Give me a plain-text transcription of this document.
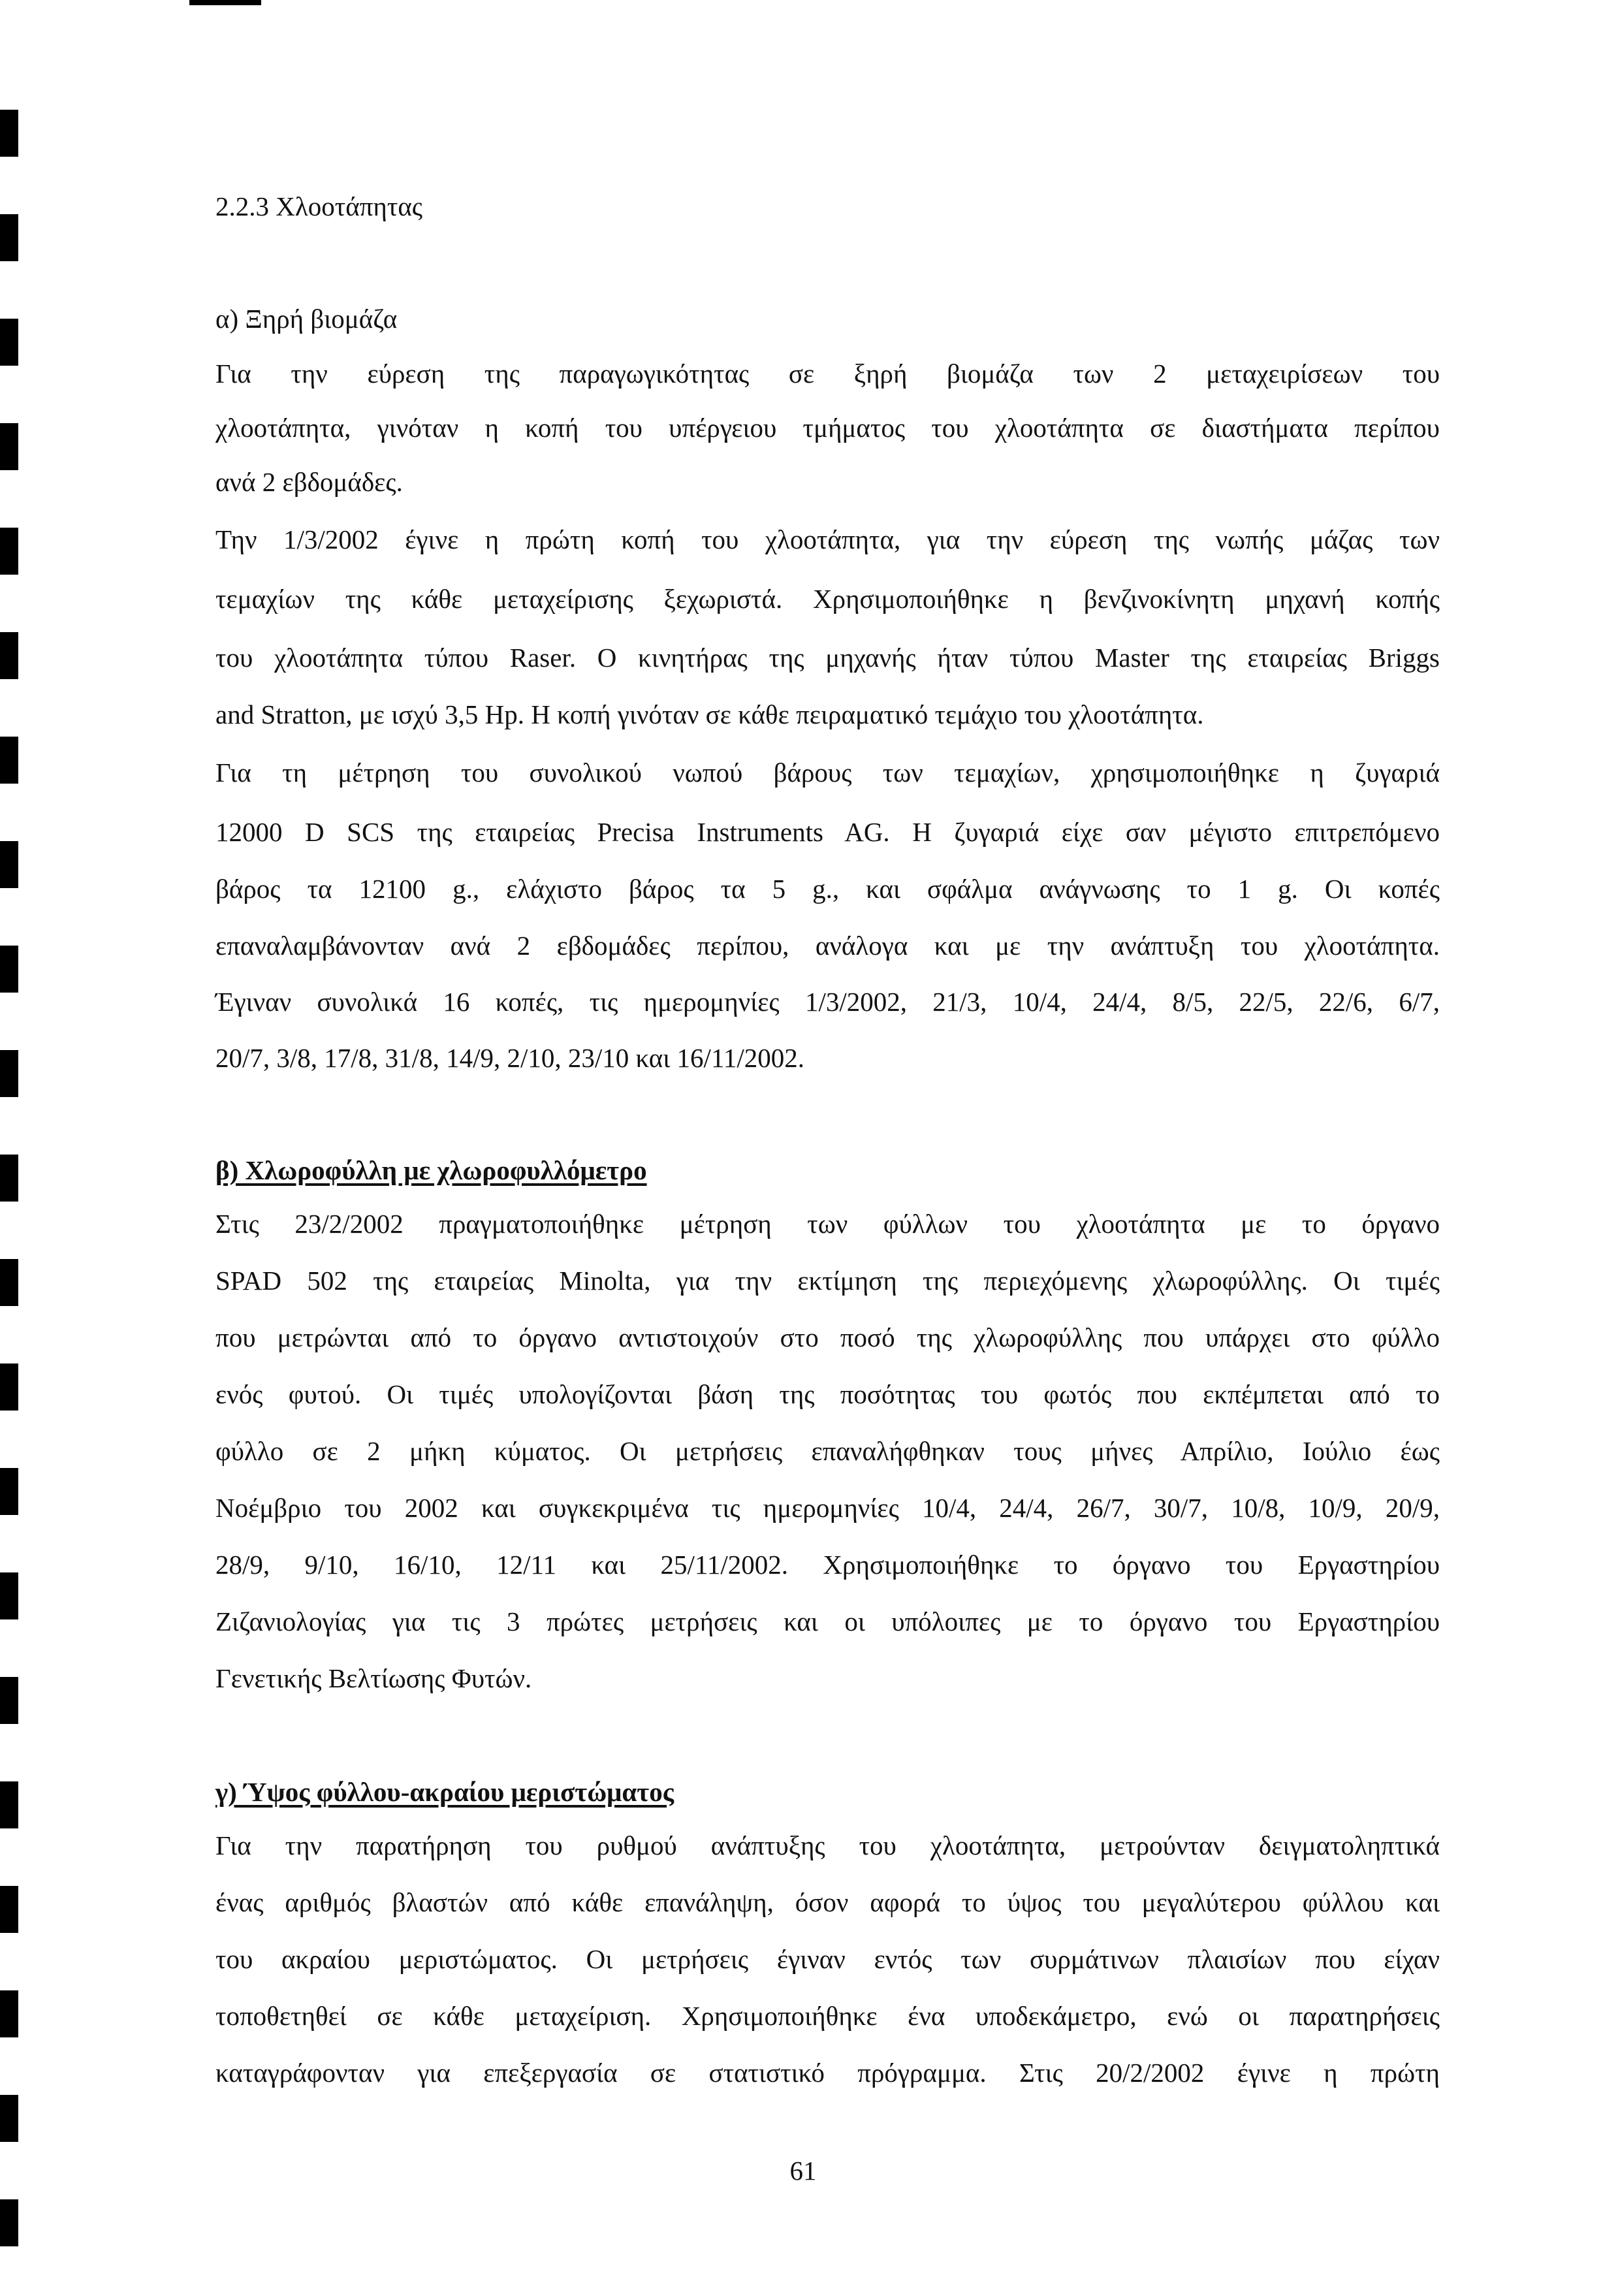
2.2.3 Χλοοτάπητας
α) Ξηρή βιομάζα
Για την εύρεση της παραγωγικότητας σε ξηρή βιομάζα των 2 μεταχειρίσεων του
χλοοτάπητα, γινόταν η κοπή του υπέργειου τμήματος του χλοοτάπητα σε διαστήματα περίπου
ανά 2 εβδομάδες.
Την 1/3/2002 έγινε η πρώτη κοπή του χλοοτάπητα, για την εύρεση της νωπής μάζας των
τεμαχίων της κάθε μεταχείρισης ξεχωριστά. Χρησιμοποιήθηκε η βενζινοκίνητη μηχανή κοπής
του χλοοτάπητα τύπου Raser. Ο κινητήρας της μηχανής ήταν τύπου Master της εταιρείας Briggs
and Stratton, με ισχύ 3,5 Hp. Η κοπή γινόταν σε κάθε πειραματικό τεμάχιο του χλοοτάπητα.
Για τη μέτρηση του συνολικού νωπού βάρους των τεμαχίων, χρησιμοποιήθηκε η ζυγαριά
12000 D SCS της εταιρείας Precisa Instruments AG. Η ζυγαριά είχε σαν μέγιστο επιτρεπόμενο
βάρος τα 12100 g., ελάχιστο βάρος τα 5 g., και σφάλμα ανάγνωσης το 1 g. Οι κοπές
επαναλαμβάνονταν ανά 2 εβδομάδες περίπου, ανάλογα και με την ανάπτυξη του χλοοτάπητα.
Έγιναν συνολικά 16 κοπές, τις ημερομηνίες 1/3/2002, 21/3, 10/4, 24/4, 8/5, 22/5, 22/6, 6/7,
20/7, 3/8, 17/8, 31/8, 14/9, 2/10, 23/10 και 16/11/2002.
β) Χλωροφύλλη με χλωροφυλλόμετρο
Στις 23/2/2002 πραγματοποιήθηκε μέτρηση των φύλλων του χλοοτάπητα με το όργανο
SPAD 502 της εταιρείας Minolta, για την εκτίμηση της περιεχόμενης χλωροφύλλης. Οι τιμές
που μετρώνται από το όργανο αντιστοιχούν στο ποσό της χλωροφύλλης που υπάρχει στο φύλλο
ενός φυτού. Οι τιμές υπολογίζονται βάση της ποσότητας του φωτός που εκπέμπεται από το
φύλλο σε 2 μήκη κύματος. Οι μετρήσεις επαναλήφθηκαν τους μήνες Απρίλιο, Ιούλιο έως
Νοέμβριο του 2002 και συγκεκριμένα τις ημερομηνίες 10/4, 24/4, 26/7, 30/7, 10/8, 10/9, 20/9,
28/9, 9/10, 16/10, 12/11 και 25/11/2002. Χρησιμοποιήθηκε το όργανο του Εργαστηρίου
Ζιζανιολογίας για τις 3 πρώτες μετρήσεις και οι υπόλοιπες με το όργανο του Εργαστηρίου
Γενετικής Βελτίωσης Φυτών.
γ) Ύψος φύλλου-ακραίου μεριστώματος
Για την παρατήρηση του ρυθμού ανάπτυξης του χλοοτάπητα, μετρούνταν δειγματοληπτικά
ένας αριθμός βλαστών από κάθε επανάληψη, όσον αφορά το ύψος του μεγαλύτερου φύλλου και
του ακραίου μεριστώματος. Οι μετρήσεις έγιναν εντός των συρμάτινων πλαισίων που είχαν
τοποθετηθεί σε κάθε μεταχείριση. Χρησιμοποιήθηκε ένα υποδεκάμετρο, ενώ οι παρατηρήσεις
καταγράφονταν για επεξεργασία σε στατιστικό πρόγραμμα. Στις 20/2/2002 έγινε η πρώτη
61
